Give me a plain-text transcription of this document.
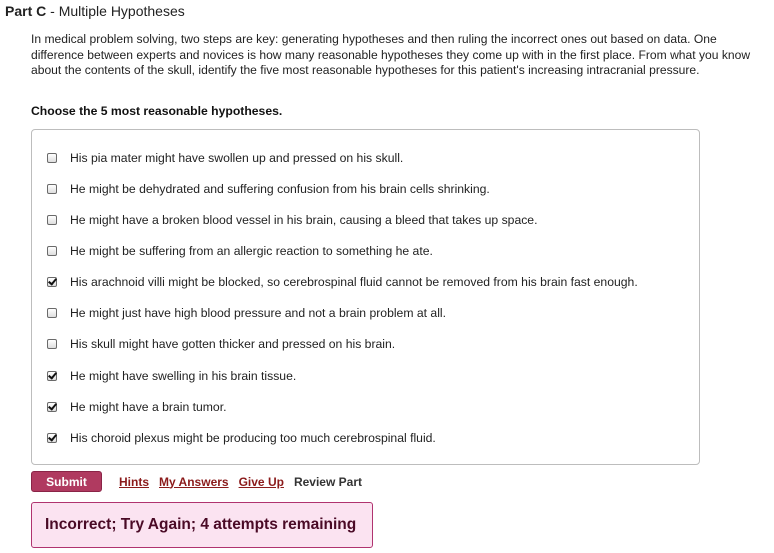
Part C - Multiple Hypotheses

In medical problem solving, two steps are key: generating hypotheses and then ruling the incorrect ones out based on data. One difference between experts and novices is how many reasonable hypotheses they come up with in the first place. From what you know about the contents of the skull, identify the five most reasonable hypotheses for this patient's increasing intracranial pressure.

Choose the 5 most reasonable hypotheses.

His pia mater might have swollen up and pressed on his skull.
He might be dehydrated and suffering confusion from his brain cells shrinking.
He might have a broken blood vessel in his brain, causing a bleed that takes up space.
He might be suffering from an allergic reaction to something he ate.
His arachnoid villi might be blocked, so cerebrospinal fluid cannot be removed from his brain fast enough.
He might just have high blood pressure and not a brain problem at all.
His skull might have gotten thicker and pressed on his brain.
He might have swelling in his brain tissue.
He might have a brain tumor.
His choroid plexus might be producing too much cerebrospinal fluid.
Submit	Hints My Answers Give Up Review Part
Incorrect; Try Again; 4 attempts remaining
